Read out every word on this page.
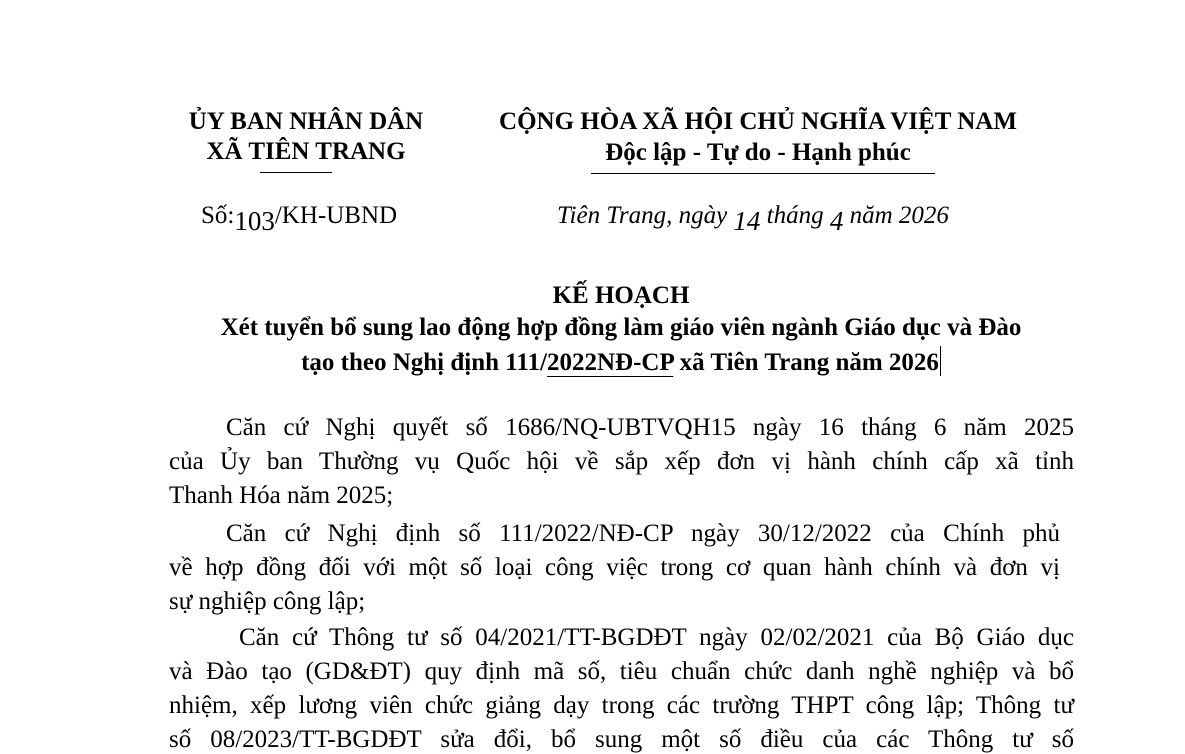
ỦY BAN NHÂN DÂN
XÃ TIÊN TRANG
CỘNG HÒA XÃ HỘI CHỦ NGHĨA VIỆT NAM
Độc lập - Tự do - Hạnh phúc
Số:103/KH-UBND	Tiên Trang, ngày 14 tháng 4 năm 2026
KẾ HOẠCH
Xét tuyển bổ sung lao động hợp đồng làm giáo viên ngành Giáo dục và Đào
tạo theo Nghị định 111/2022NĐ-CP xã Tiên Trang năm 2026
Căn cứ Nghị quyết số 1686/NQ-UBTVQH15 ngày 16 tháng 6 năm 2025
của Ủy ban Thường vụ Quốc hội về sắp xếp đơn vị hành chính cấp xã tỉnh
Thanh Hóa năm 2025;
Căn cứ Nghị định số 111/2022/NĐ-CP ngày 30/12/2022 của Chính phủ
về hợp đồng đối với một số loại công việc trong cơ quan hành chính và đơn vị
sự nghiệp công lập;
Căn cứ Thông tư số 04/2021/TT-BGDĐT ngày 02/02/2021 của Bộ Giáo dục
và Đào tạo (GD&ĐT) quy định mã số, tiêu chuẩn chức danh nghề nghiệp và bổ
nhiệm, xếp lương viên chức giảng dạy trong các trường THPT công lập; Thông tư
số 08/2023/TT-BGDĐT sửa đổi, bổ sung một số điều của các Thông tư số
